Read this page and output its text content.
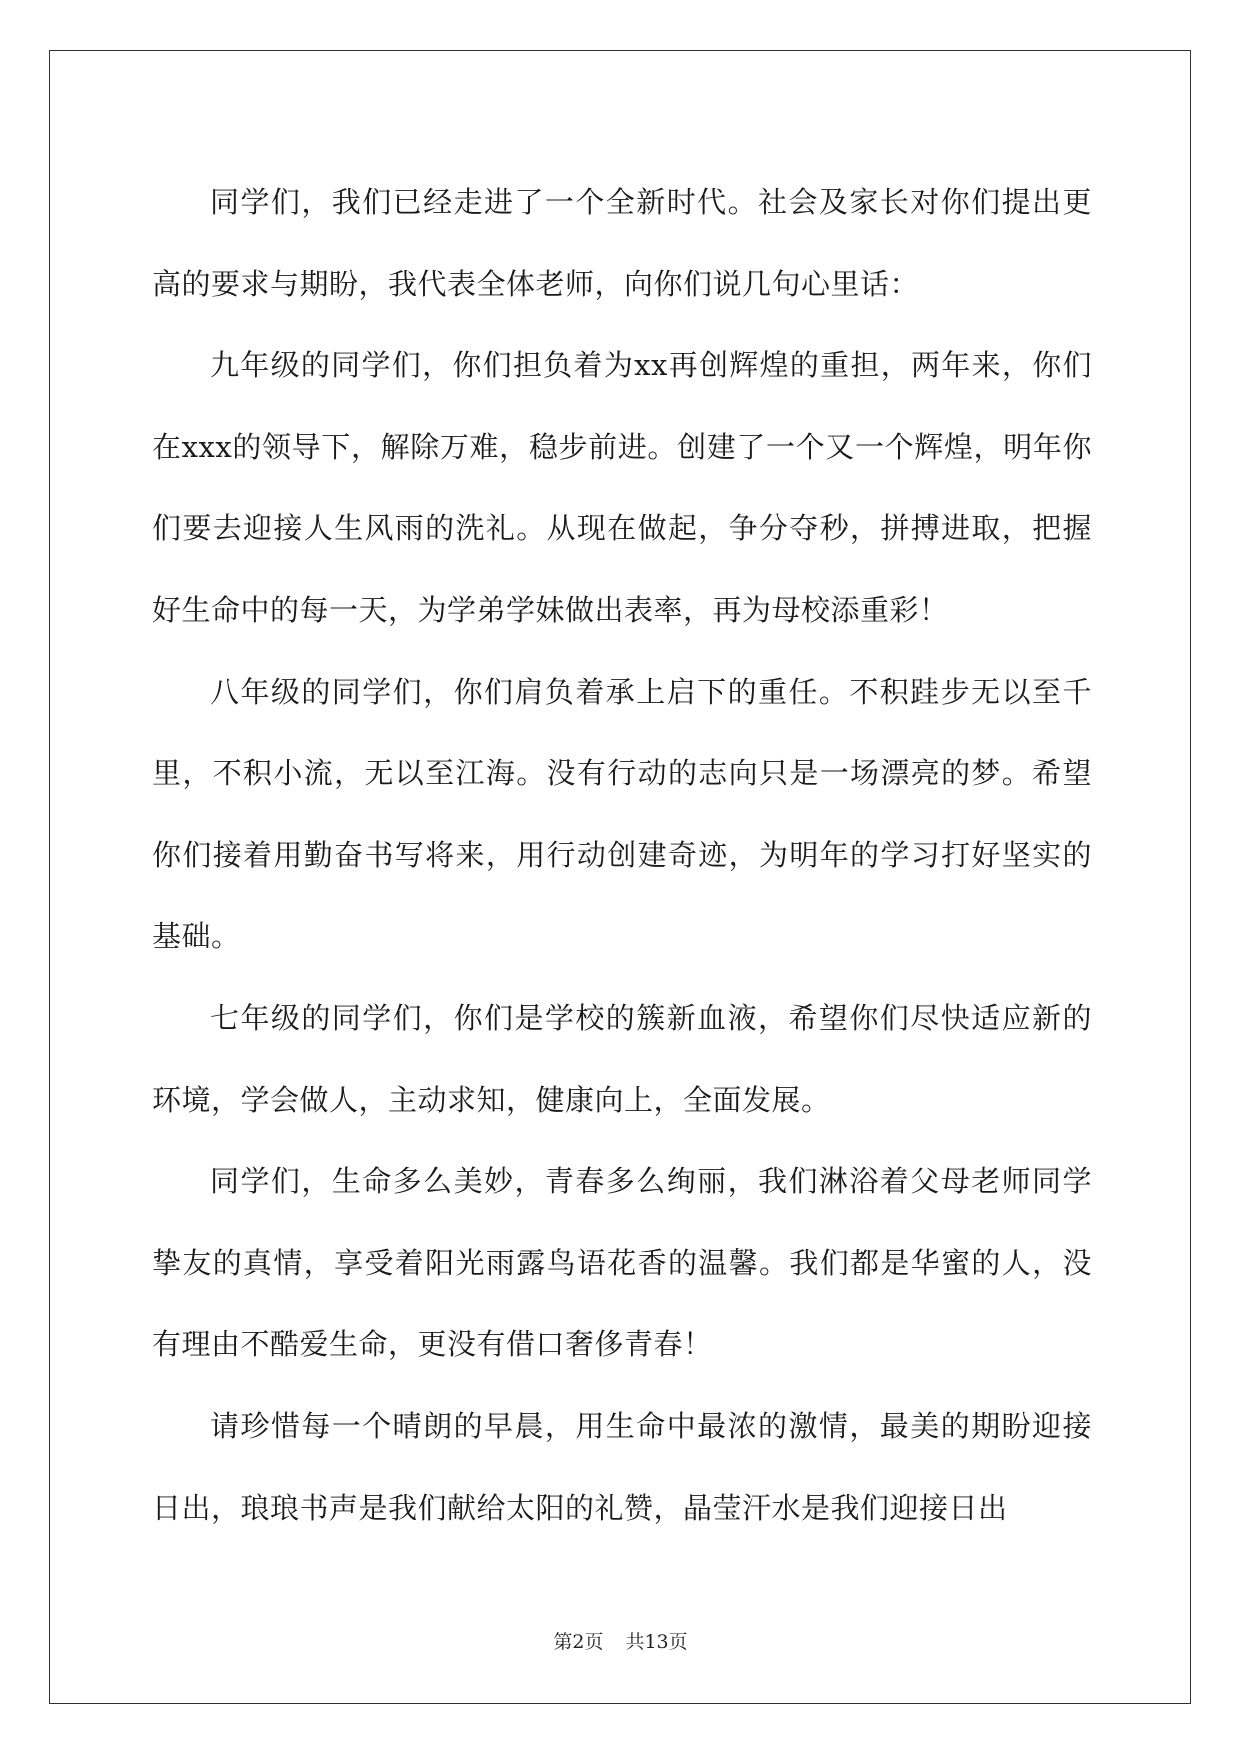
同学们，我们已经走进了一个全新时代。社会及家长对你们提出更高的要求与期盼，我代表全体老师，向你们说几句心里话：

九年级的同学们，你们担负着为xx再创辉煌的重担，两年来，你们在xxx的领导下，解除万难，稳步前进。创建了一个又一个辉煌，明年你们要去迎接人生风雨的洗礼。从现在做起，争分夺秒，拼搏进取，把握好生命中的每一天，为学弟学妹做出表率，再为母校添重彩！

八年级的同学们，你们肩负着承上启下的重任。不积跬步无以至千里，不积小流，无以至江海。没有行动的志向只是一场漂亮的梦。希望你们接着用勤奋书写将来，用行动创建奇迹，为明年的学习打好坚实的基础。

七年级的同学们，你们是学校的簇新血液，希望你们尽快适应新的环境，学会做人，主动求知，健康向上，全面发展。

同学们，生命多么美妙，青春多么绚丽，我们淋浴着父母老师同学挚友的真情，享受着阳光雨露鸟语花香的温馨。我们都是华蜜的人，没有理由不酷爱生命，更没有借口奢侈青春！

请珍惜每一个晴朗的早晨，用生命中最浓的激情，最美的期盼迎接日出，琅琅书声是我们献给太阳的礼赞，晶莹汗水是我们迎接日出

第2页 共13页
